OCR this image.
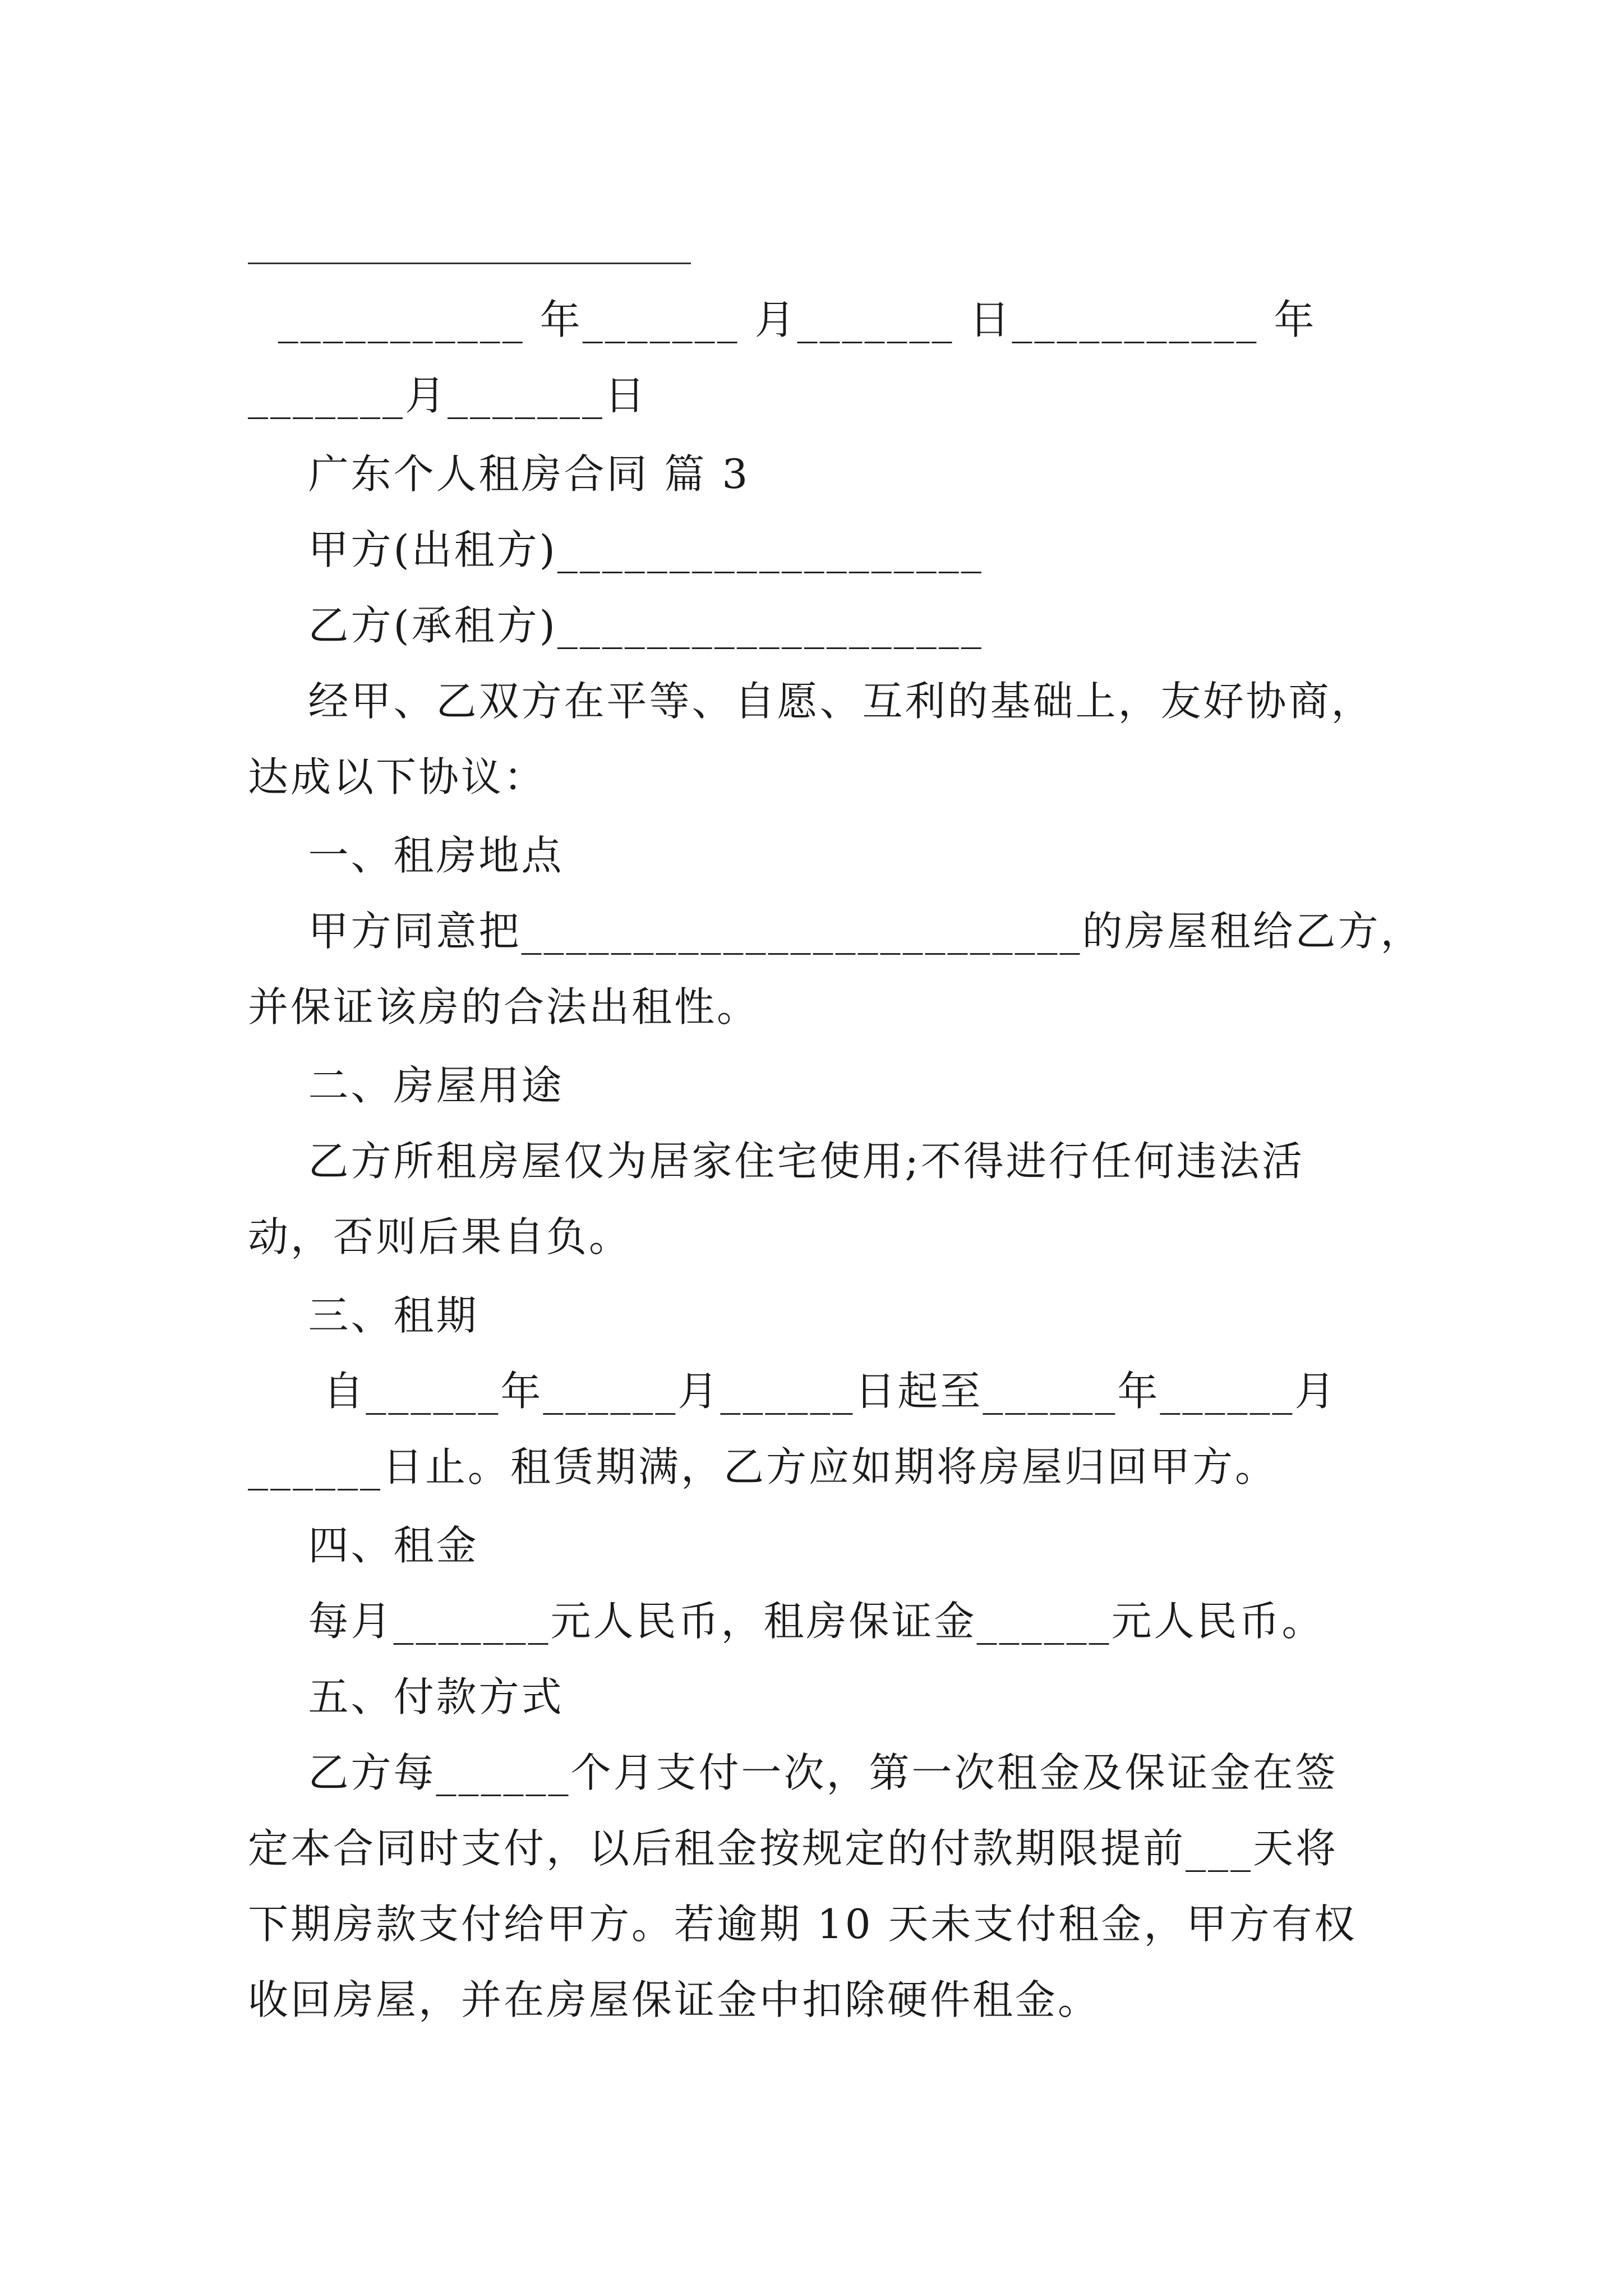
___________ 年_______ 月_______ 日___________ 年
_______月_______日
广东个人租房合同 篇 3
甲方(出租方)___________________
乙方(承租方)___________________
经甲、乙双方在平等、自愿、互利的基础上，友好协商，
达成以下协议：
一、租房地点
甲方同意把_________________________的房屋租给乙方，
并保证该房的合法出租性。
二、房屋用途
乙方所租房屋仅为居家住宅使用;不得进行任何违法活
动，否则后果自负。
三、租期
自______年______月______日起至______年______月
______日止。租赁期满，乙方应如期将房屋归回甲方。
四、租金
每月_______元人民币，租房保证金______元人民币。
五、付款方式
乙方每______个月支付一次，第一次租金及保证金在签
定本合同时支付，以后租金按规定的付款期限提前___天将
下期房款支付给甲方。若逾期 10 天未支付租金，甲方有权
收回房屋，并在房屋保证金中扣除硬件租金。
